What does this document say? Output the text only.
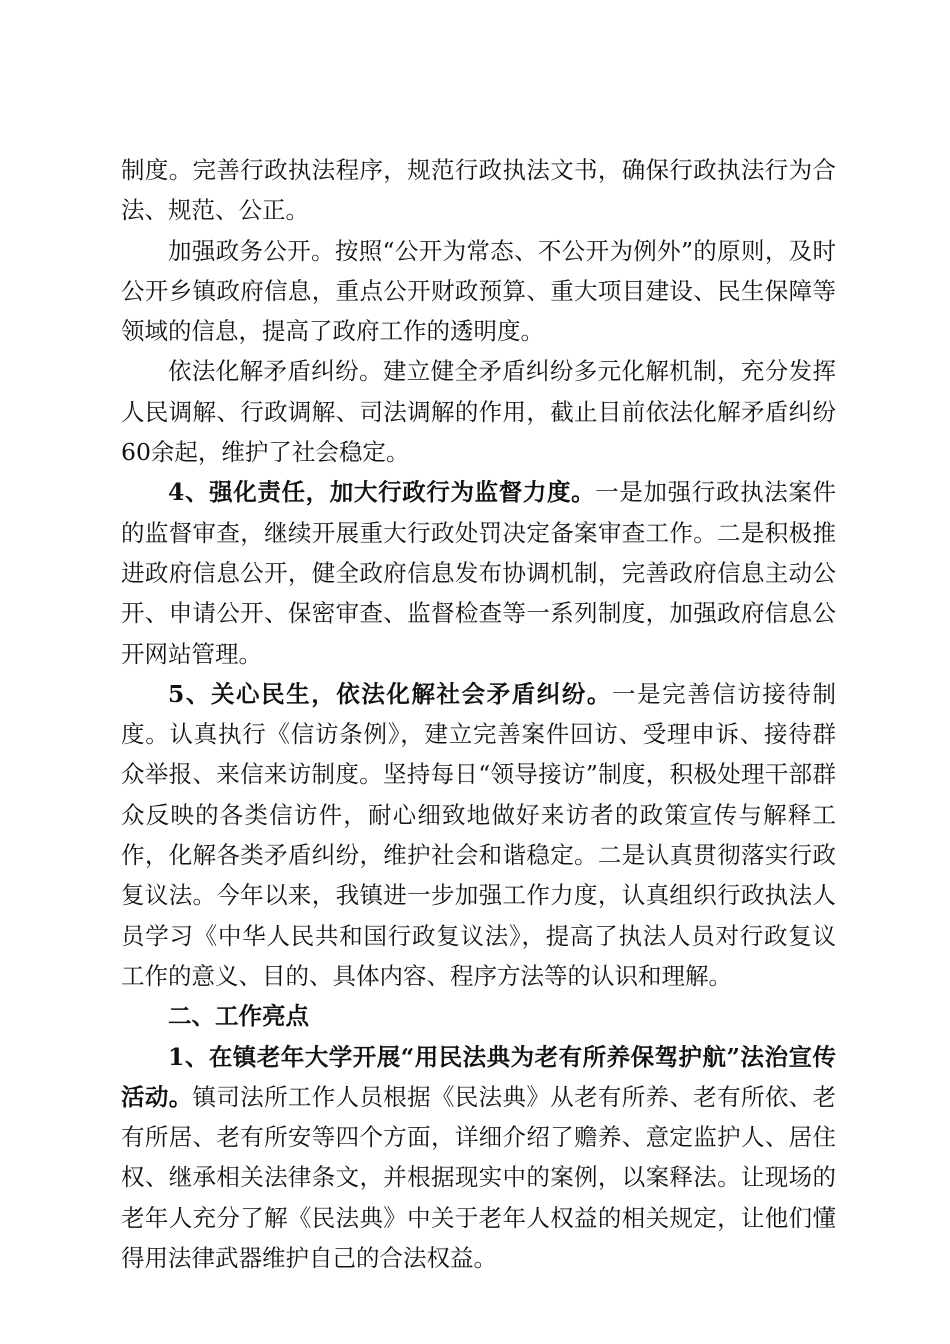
制度。完善行政执法程序，规范行政执法文书，确保行政执法行为合法、规范、公正。

加强政务公开。按照“公开为常态、不公开为例外”的原则，及时公开乡镇政府信息，重点公开财政预算、重大项目建设、民生保障等领域的信息，提高了政府工作的透明度。

依法化解矛盾纠纷。建立健全矛盾纠纷多元化解机制，充分发挥人民调解、行政调解、司法调解的作用，截止目前依法化解矛盾纠纷60余起，维护了社会稳定。

4、强化责任，加大行政行为监督力度。一是加强行政执法案件的监督审查，继续开展重大行政处罚决定备案审查工作。二是积极推进政府信息公开，健全政府信息发布协调机制，完善政府信息主动公开、申请公开、保密审查、监督检查等一系列制度，加强政府信息公开网站管理。

5、关心民生，依法化解社会矛盾纠纷。一是完善信访接待制度。认真执行《信访条例》，建立完善案件回访、受理申诉、接待群众举报、来信来访制度。坚持每日“领导接访”制度，积极处理干部群众反映的各类信访件，耐心细致地做好来访者的政策宣传与解释工作，化解各类矛盾纠纷，维护社会和谐稳定。二是认真贯彻落实行政复议法。今年以来，我镇进一步加强工作力度，认真组织行政执法人员学习《中华人民共和国行政复议法》，提高了执法人员对行政复议工作的意义、目的、具体内容、程序方法等的认识和理解。

二、工作亮点

1、在镇老年大学开展“用民法典为老有所养保驾护航”法治宣传活动。镇司法所工作人员根据《民法典》从老有所养、老有所依、老有所居、老有所安等四个方面，详细介绍了赡养、意定监护人、居住权、继承相关法律条文，并根据现实中的案例，以案释法。让现场的老年人充分了解《民法典》中关于老年人权益的相关规定，让他们懂得用法律武器维护自己的合法权益。
